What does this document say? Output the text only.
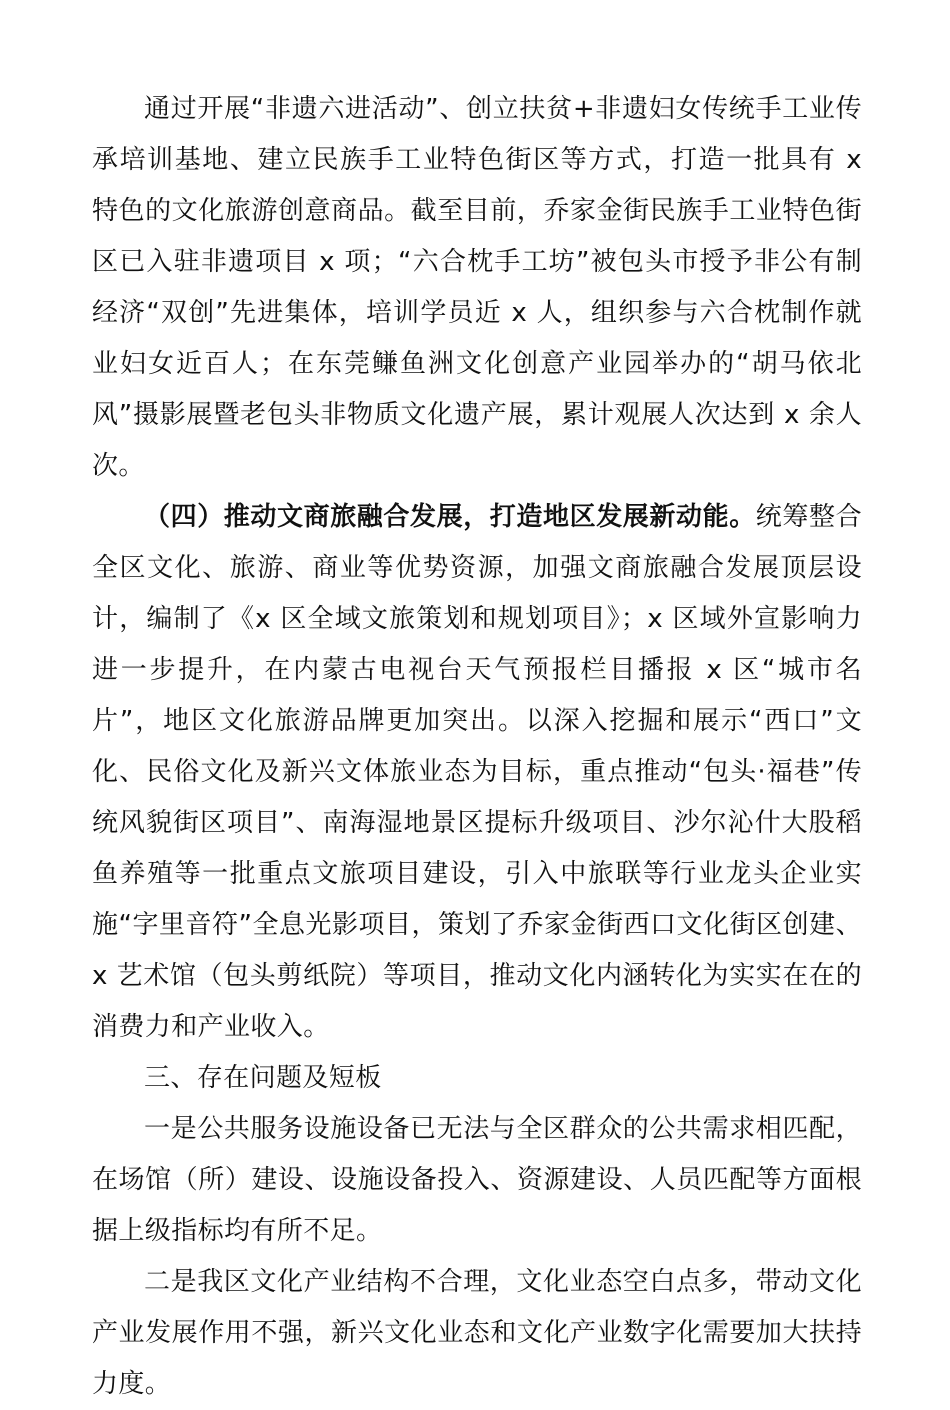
通过开展“非遗六进活动”、创立扶贫+非遗妇女传统手工业传承培训基地、建立民族手工业特色街区等方式，打造一批具有 x 特色的文化旅游创意商品。截至目前，乔家金街民族手工业特色街区已入驻非遗项目 x 项；“六合枕手工坊”被包头市授予非公有制经济“双创”先进集体，培训学员近 x 人，组织参与六合枕制作就业妇女近百人；在东莞鳒鱼洲文化创意产业园举办的“胡马依北风”摄影展暨老包头非物质文化遗产展，累计观展人次达到 x 余人次。

（四）推动文商旅融合发展，打造地区发展新动能。统筹整合全区文化、旅游、商业等优势资源，加强文商旅融合发展顶层设计，编制了《x 区全域文旅策划和规划项目》；x 区域外宣影响力进一步提升，在内蒙古电视台天气预报栏目播报 x 区“城市名片”，地区文化旅游品牌更加突出。以深入挖掘和展示“西口”文化、民俗文化及新兴文体旅业态为目标，重点推动“包头·福巷”传统风貌街区项目”、南海湿地景区提标升级项目、沙尔沁什大股稻鱼养殖等一批重点文旅项目建设，引入中旅联等行业龙头企业实施“字里音符”全息光影项目，策划了乔家金街西口文化街区创建、x 艺术馆（包头剪纸院）等项目，推动文化内涵转化为实实在在的消费力和产业收入。

三、存在问题及短板

一是公共服务设施设备已无法与全区群众的公共需求相匹配，在场馆（所）建设、设施设备投入、资源建设、人员匹配等方面根据上级指标均有所不足。

二是我区文化产业结构不合理，文化业态空白点多，带动文化产业发展作用不强，新兴文化业态和文化产业数字化需要加大扶持力度。
